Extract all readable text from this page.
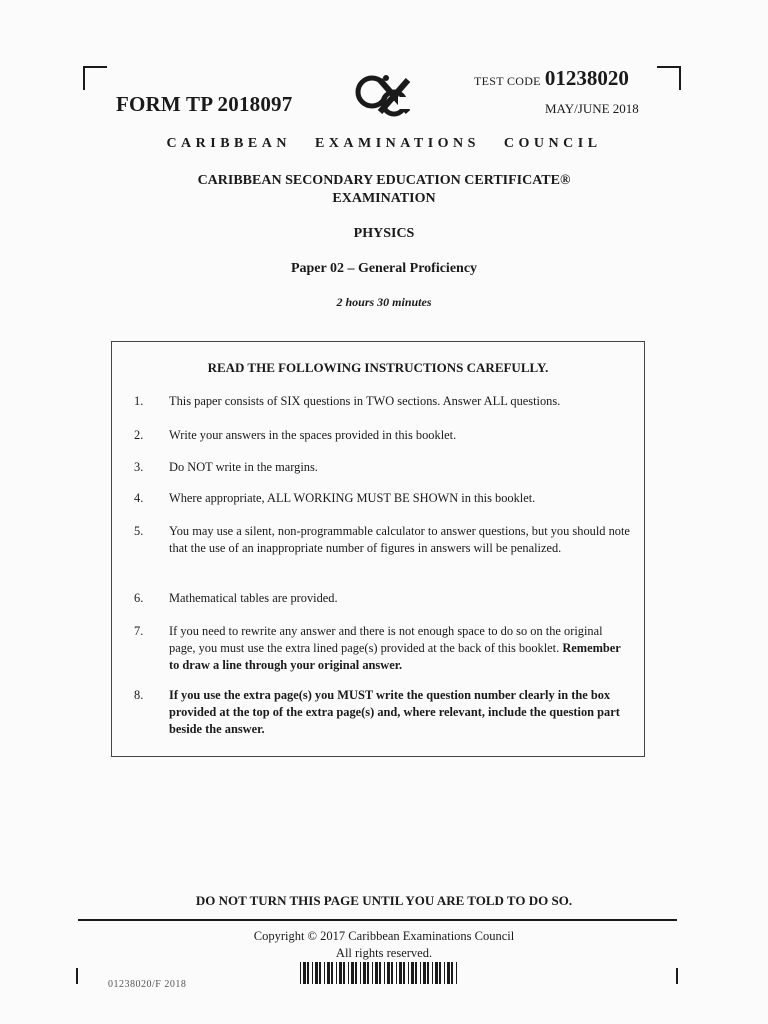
FORM TP 2018097
TEST CODE 01238020
MAY/JUNE 2018
CARIBBEAN EXAMINATIONS COUNCIL
CARIBBEAN SECONDARY EDUCATION CERTIFICATE®
EXAMINATION
PHYSICS
Paper 02 – General Proficiency
2 hours 30 minutes
READ THE FOLLOWING INSTRUCTIONS CAREFULLY.
1.	This paper consists of SIX questions in TWO sections. Answer ALL questions.
2.	Write your answers in the spaces provided in this booklet.
3.	Do NOT write in the margins.
4.	Where appropriate, ALL WORKING MUST BE SHOWN in this booklet.
5.	You may use a silent, non-programmable calculator to answer questions, but you should note that the use of an inappropriate number of figures in answers will be penalized.
6.	Mathematical tables are provided.
7.	If you need to rewrite any answer and there is not enough space to do so on the original page, you must use the extra lined page(s) provided at the back of this booklet. Remember to draw a line through your original answer.
8.	If you use the extra page(s) you MUST write the question number clearly in the box provided at the top of the extra page(s) and, where relevant, include the question part beside the answer.
DO NOT TURN THIS PAGE UNTIL YOU ARE TOLD TO DO SO.
Copyright © 2017 Caribbean Examinations Council
All rights reserved.
01238020/F 2018
